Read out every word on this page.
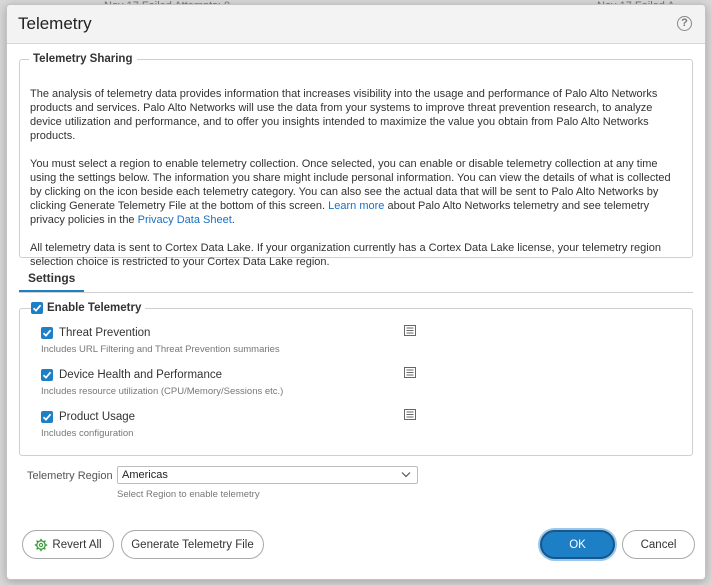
Telemetry	?
Telemetry Sharing

The analysis of telemetry data provides information that increases visibility into the usage and performance of Palo Alto Networks products and services. Palo Alto Networks will use the data from your systems to improve threat prevention research, to analyze device utilization and performance, and to offer you insights intended to maximize the value you obtain from Palo Alto Networks products.

You must select a region to enable telemetry collection. Once selected, you can enable or disable telemetry collection at any time using the settings below. The information you share might include personal information. You can view the details of what is collected by clicking on the icon beside each telemetry category. You can also see the actual data that will be sent to Palo Alto Networks by clicking Generate Telemetry File at the bottom of this screen. Learn more about Palo Alto Networks telemetry and see telemetry privacy policies in the Privacy Data Sheet.

All telemetry data is sent to Cortex Data Lake. If your organization currently has a Cortex Data Lake license, your telemetry region selection choice is restricted to your Cortex Data Lake region.

Settings
Enable Telemetry
Threat Prevention
Includes URL Filtering and Threat Prevention summaries
Device Health and Performance
Includes resource utilization (CPU/Memory/Sessions etc.)
Product Usage
Includes configuration
Telemetry Region Americas
Select Region to enable telemetry
Revert All	Generate Telemetry File	OK	Cancel
